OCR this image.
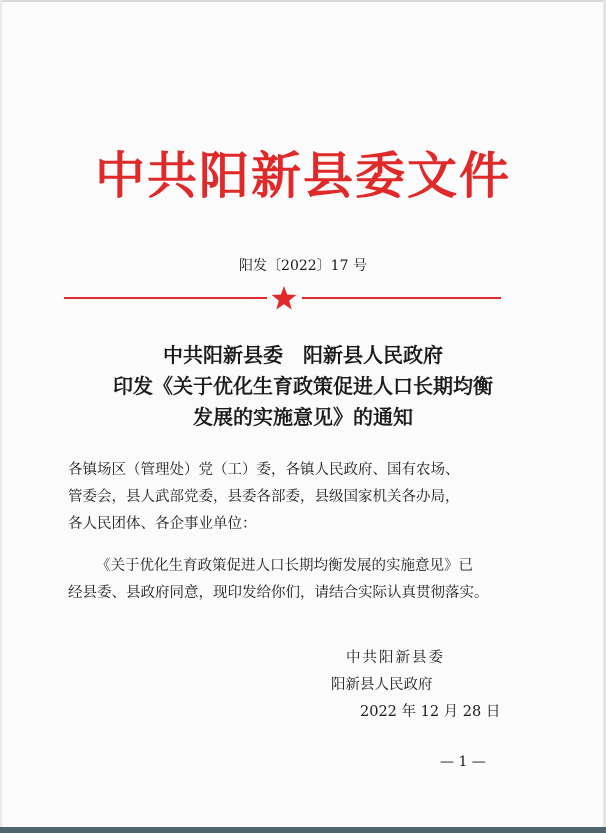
中共阳新县委文件
阳发〔2022〕17 号
中共阳新县委　阳新县人民政府
印发《关于优化生育政策促进人口长期均衡
发展的实施意见》的通知
各镇场区（管理处）党（工）委，各镇人民政府、国有农场、
管委会，县人武部党委，县委各部委，县级国家机关各办局，
各人民团体、各企事业单位：
《关于优化生育政策促进人口长期均衡发展的实施意见》已
经县委、县政府同意，现印发给你们，请结合实际认真贯彻落实。
中共阳新县委
阳新县人民政府
2022 年 12 月 28 日
— 1 —
